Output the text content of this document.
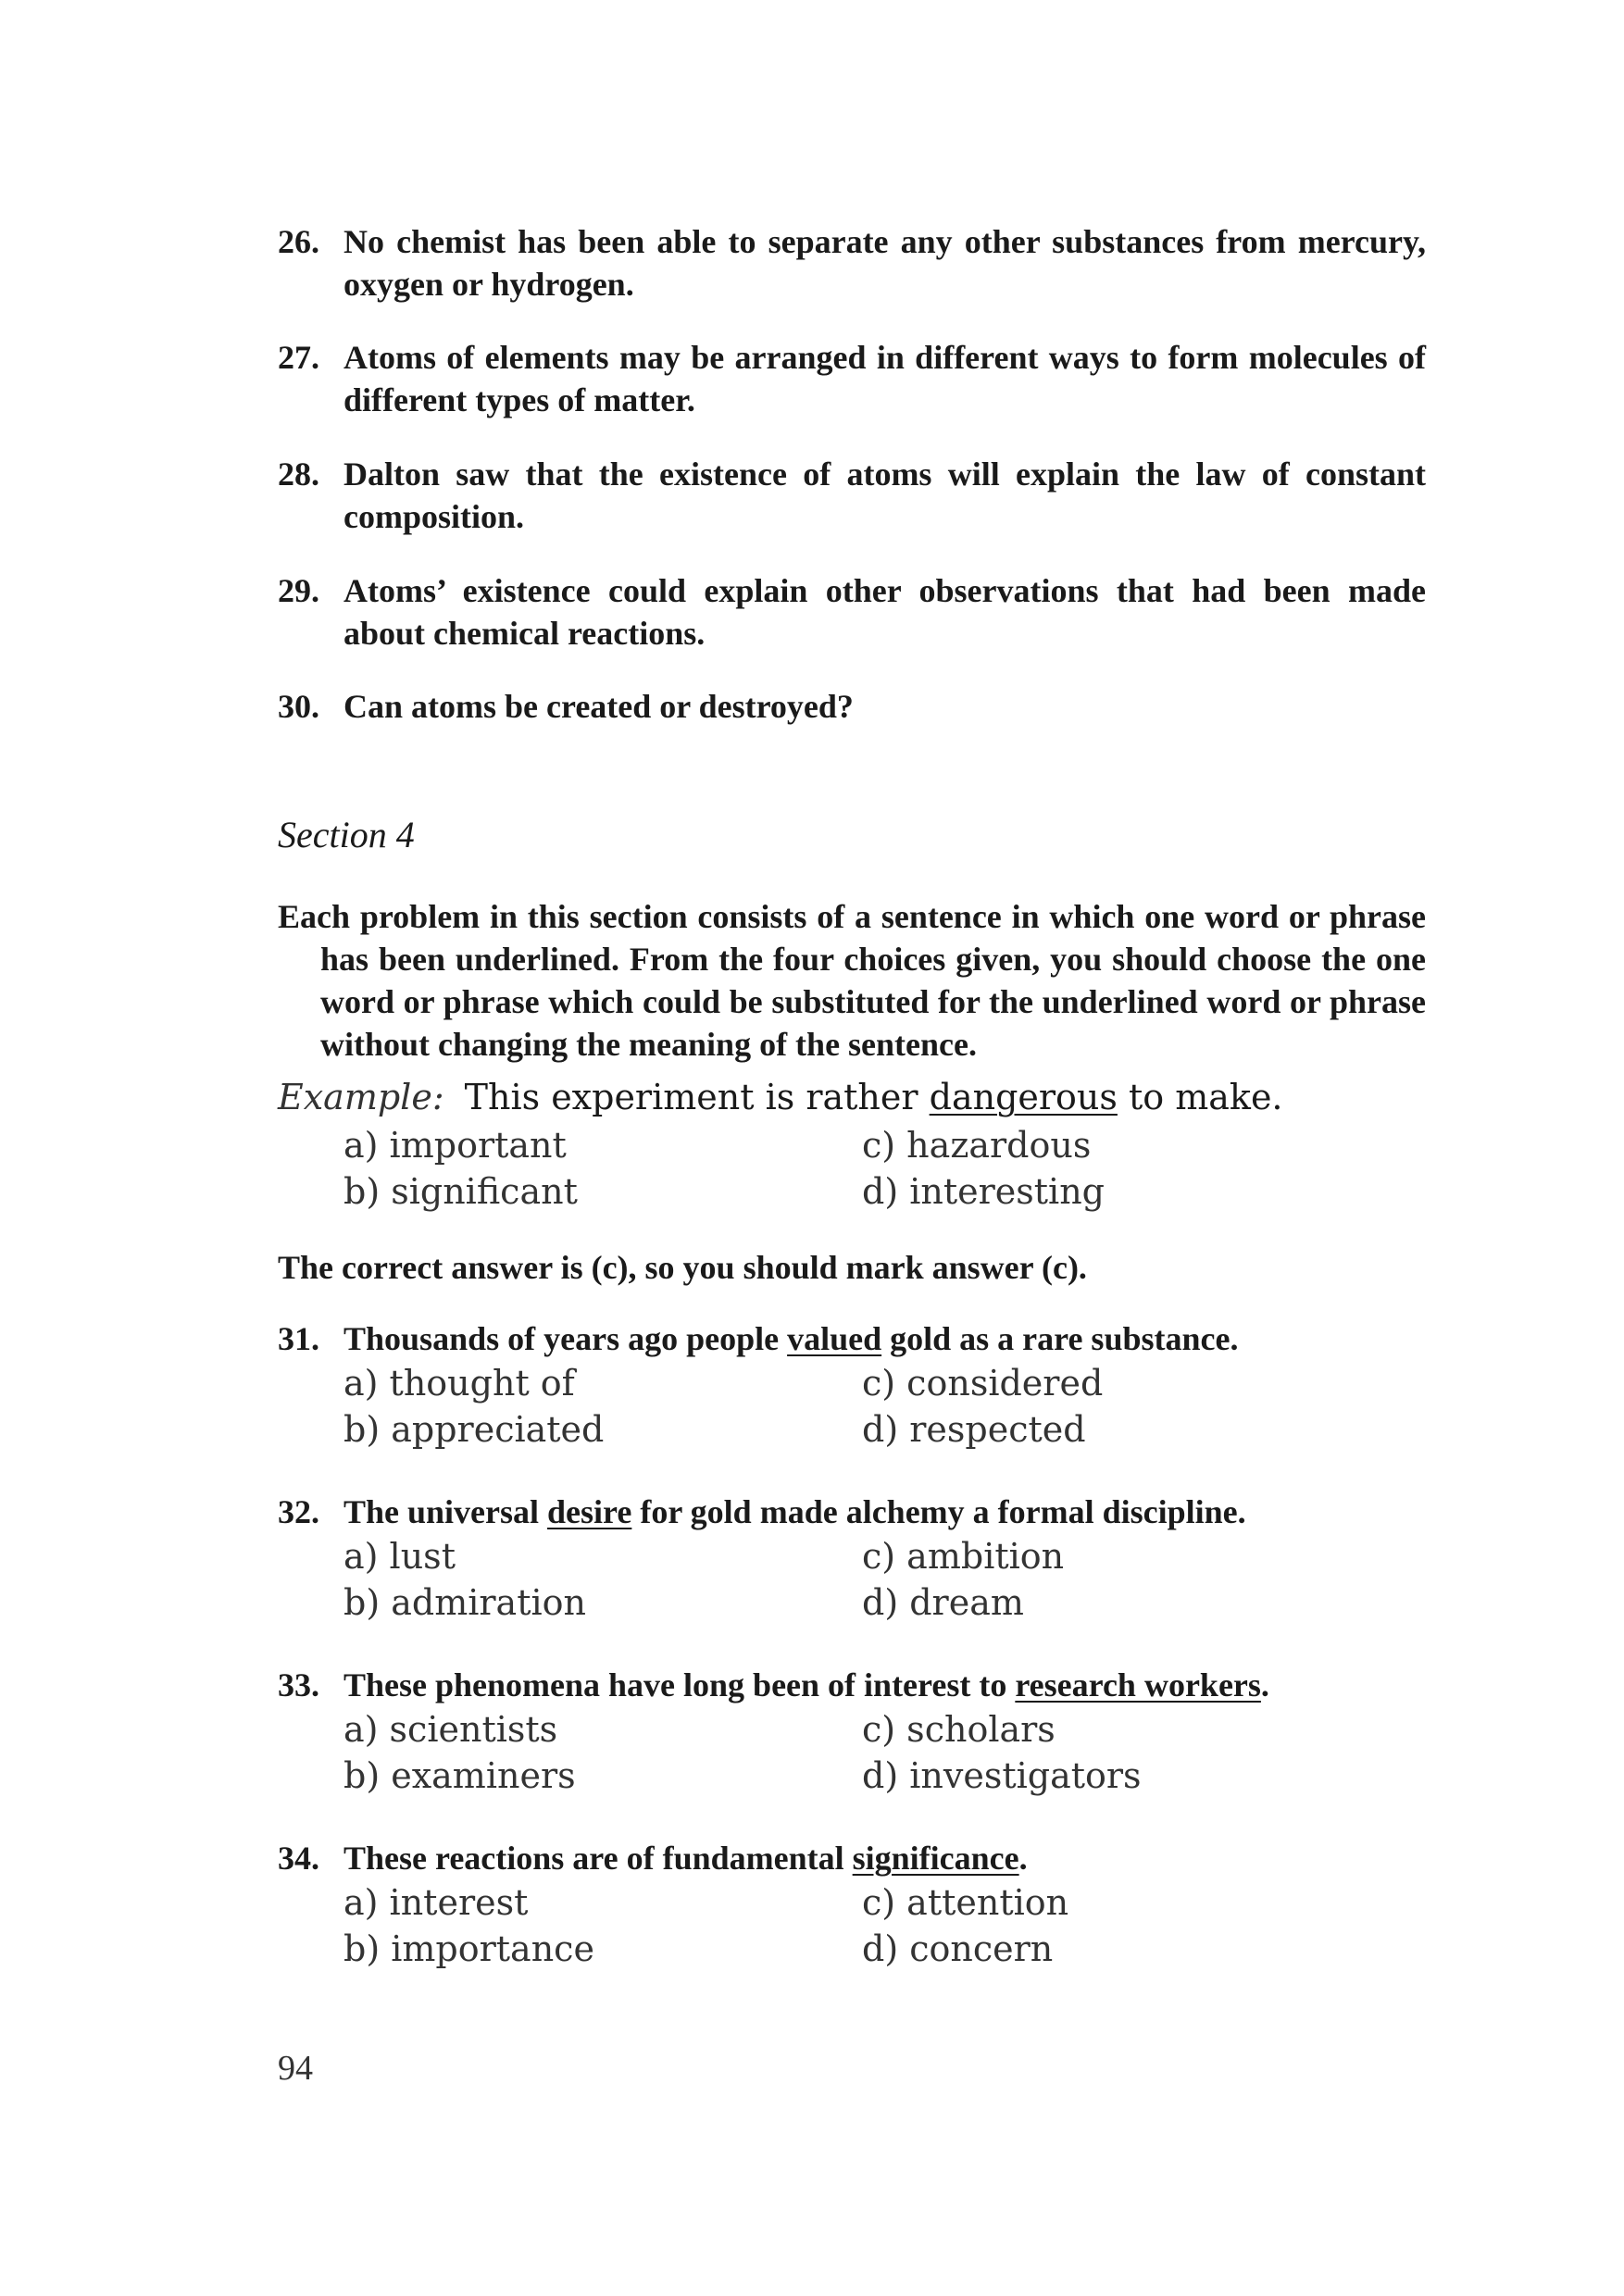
26. No chemist has been able to separate any other substances from mercury, oxygen or hydrogen.
27. Atoms of elements may be arranged in different ways to form molecules of different types of matter.
28. Dalton saw that the existence of atoms will explain the law of constant composition.
29. Atoms’ existence could explain other observations that had been made about chemical reactions.
30. Can atoms be created or destroyed?
Section 4
Each problem in this section consists of a sentence in which one word or phrase has been underlined. From the four choices given, you should choose the one word or phrase which could be substituted for the underlined word or phrase without changing the meaning of the sentence.
Example: This experiment is rather dangerous to make.
a) important
b) significant
c) hazardous
d) interesting
The correct answer is (c), so you should mark answer (c).
31. Thousands of years ago people valued gold as a rare substance.
a) thought of
b) appreciated
c) considered
d) respected
32. The universal desire for gold made alchemy a formal discipline.
a) lust
b) admiration
c) ambition
d) dream
33. These phenomena have long been of interest to research workers.
a) scientists
b) examiners
c) scholars
d) investigators
34. These reactions are of fundamental significance.
a) interest
b) importance
c) attention
d) concern
94
